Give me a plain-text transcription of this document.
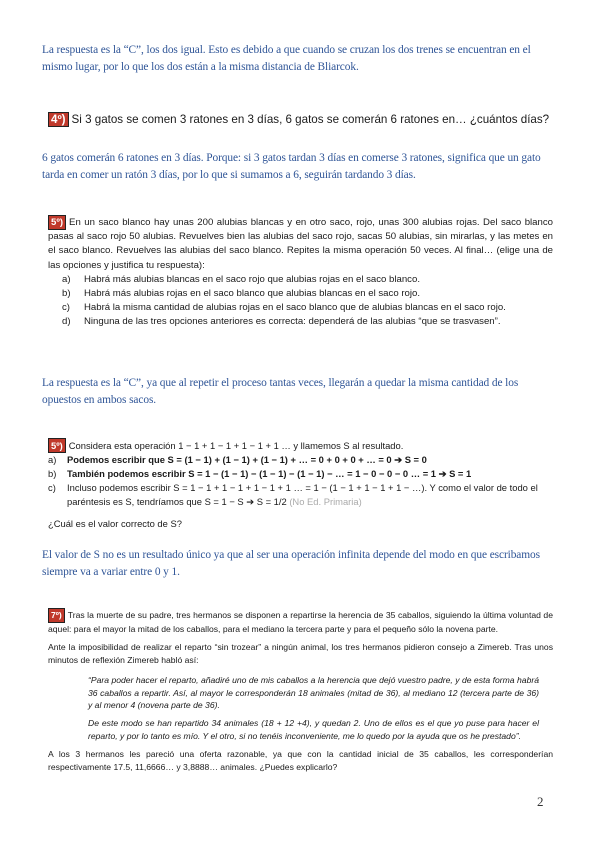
La respuesta es la “C”, los dos igual. Esto es debido a que cuando se cruzan los dos trenes se encuentran en el mismo lugar, por lo que los dos están a la misma distancia de Bliarcok.
4º) Si 3 gatos se comen 3 ratones en 3 días, 6 gatos se comerán 6 ratones en… ¿cuántos días?
6 gatos comerán 6 ratones en 3 días. Porque: si 3 gatos tardan 3 días en comerse 3 ratones, significa que un gato tarda en comer un ratón 3 días, por lo que si sumamos a 6, seguirán tardando 3 días.
5º) En un saco blanco hay unas 200 alubias blancas y en otro saco, rojo, unas 300 alubias rojas. Del saco blanco pasas al saco rojo 50 alubias. Revuelves bien las alubias del saco rojo, sacas 50 alubias, sin mirarlas, y las metes en el saco blanco. Revuelves las alubias del saco blanco. Repites la misma operación 50 veces. Al final… (elige una de las opciones y justifica tu respuesta):
a)	Habrá más alubias blancas en el saco rojo que alubias rojas en el saco blanco.
b)	Habrá más alubias rojas en el saco blanco que alubias blancas en el saco rojo.
c)	Habrá la misma cantidad de alubias rojas en el saco blanco que de alubias blancas en el saco rojo.
d)	Ninguna de las tres opciones anteriores es correcta: dependerá de las alubias “que se trasvasen”.
La respuesta es la “C”, ya que al repetir el proceso tantas veces, llegarán a quedar la misma cantidad de los opuestos en ambos sacos.
5º) Considera esta operación 1 − 1 + 1 − 1 + 1 − 1 + 1 … y llamemos S al resultado.
a)	Podemos escribir que S = (1 − 1) + (1 − 1) + (1 − 1) + … = 0 + 0 + 0 + … = 0 ➔ S = 0
b)	También podemos escribir S = 1 − (1 − 1) − (1 − 1) − (1 − 1) − … = 1 − 0 − 0 − 0 … = 1 ➔ S = 1
c)	Incluso podemos escribir S = 1 − 1 + 1 − 1 + 1 − 1 + 1 … = 1 − (1 − 1 + 1 − 1 + 1 − …). Y como el valor de todo el paréntesis es S, tendríamos que S = 1 − S ➔ S = 1/2 (No Ed. Primaria)
¿Cuál es el valor correcto de S?
El valor de S no es un resultado único ya que al ser una operación infinita depende del modo en que escribamos siempre va a variar entre 0 y 1.

7º) Tras la muerte de su padre, tres hermanos se disponen a repartirse la herencia de 35 caballos, siguiendo la última voluntad de aquel: para el mayor la mitad de los caballos, para el mediano la tercera parte y para el pequeño sólo la novena parte.

Ante la imposibilidad de realizar el reparto “sin trozear” a ningún animal, los tres hermanos pidieron consejo a Zimereb. Tras unos minutos de reflexión Zimereb habló así:

“Para poder hacer el reparto, añadiré uno de mis caballos a la herencia que dejó vuestro padre, y de esta forma habrá 36 caballos a repartir. Así, al mayor le corresponderán 18 animales (mitad de 36), al mediano 12 (tercera parte de 36) y al menor 4 (novena parte de 36).

De este modo se han repartido 34 animales (18 + 12 +4), y quedan 2. Uno de ellos es el que yo puse para hacer el reparto, y por lo tanto es mío. Y el otro, si no tenéis inconveniente, me lo quedo por la ayuda que os he prestado”.

A los 3 hermanos les pareció una oferta razonable, ya que con la cantidad inicial de 35 caballos, les corresponderían respectivamente 17.5, 11,6666… y 3,8888… animales. ¿Puedes explicarlo?

2
